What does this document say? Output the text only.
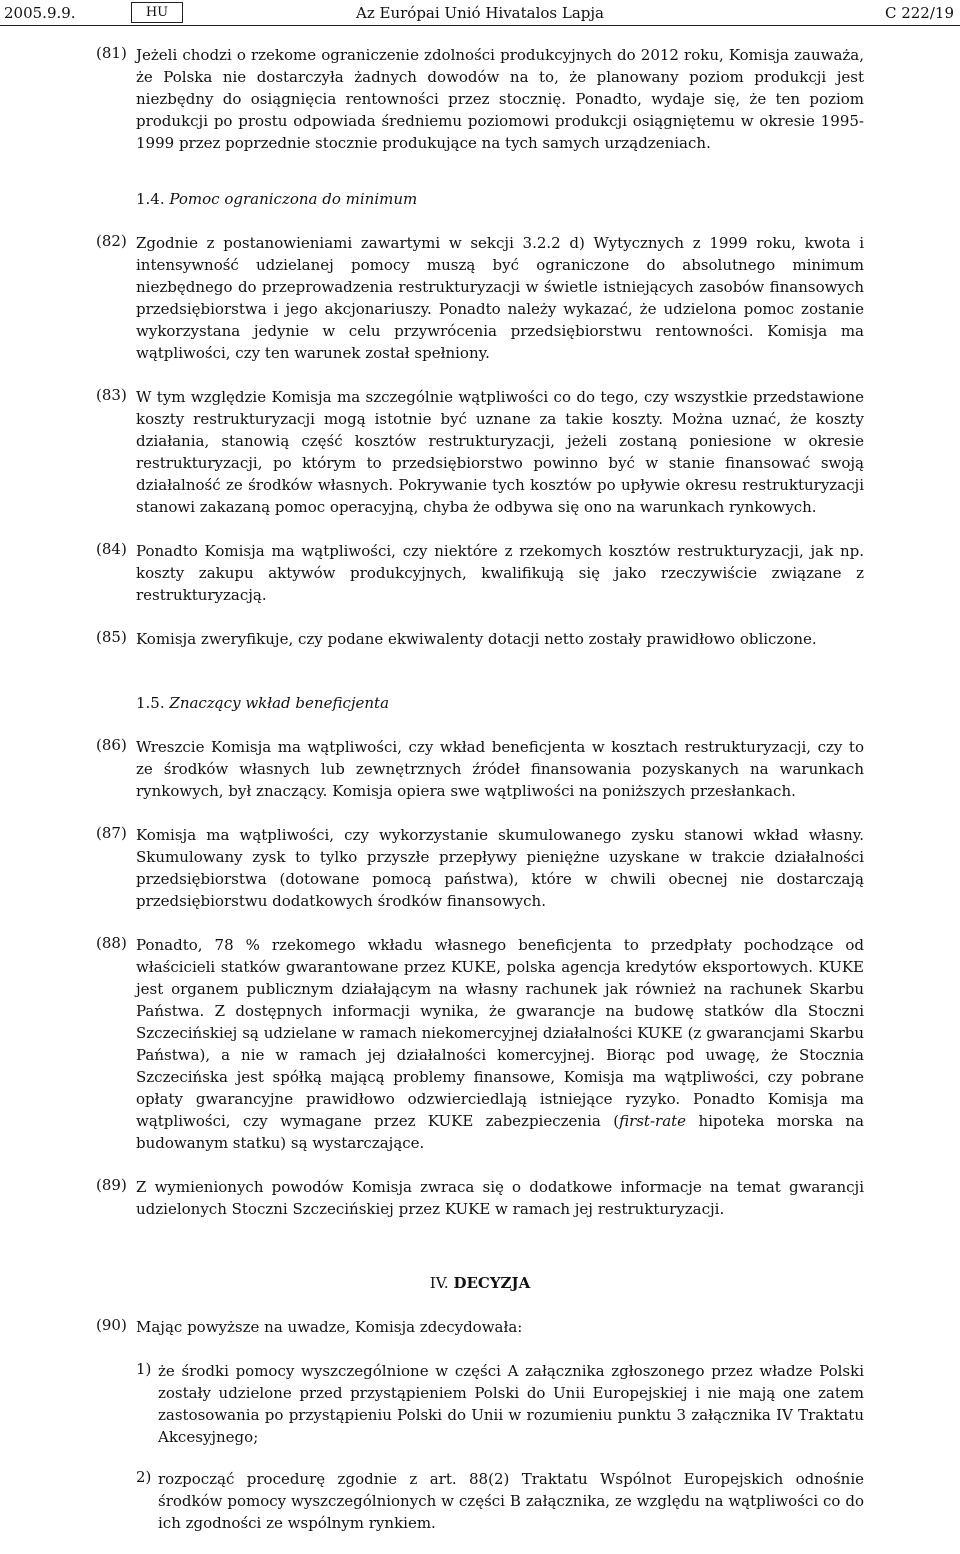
2005.9.9.	HU	Az Európai Unió Hivatalos Lapja	C 222/19
(81) Jeżeli chodzi o rzekome ograniczenie zdolności produkcyjnych do 2012 roku, Komisja zauważa, że Polska nie dostarczyła żadnych dowodów na to, że planowany poziom produkcji jest niezbędny do osiągnięcia rentowności przez stocznię. Ponadto, wydaje się, że ten poziom produkcji po prostu odpowiada średniemu poziomowi produkcji osiągniętemu w okresie 1995-1999 przez poprzednie stocznie produkujące na tych samych urządzeniach.
1.4. Pomoc ograniczona do minimum
(82) Zgodnie z postanowieniami zawartymi w sekcji 3.2.2 d) Wytycznych z 1999 roku, kwota i intensywność udzielanej pomocy muszą być ograniczone do absolutnego minimum niezbędnego do przeprowadzenia restrukturyzacji w świetle istniejących zasobów finansowych przedsiębiorstwa i jego akcjonariuszy. Ponadto należy wykazać, że udzielona pomoc zostanie wykorzystana jedynie w celu przywrócenia przedsiębiorstwu rentowności. Komisja ma wątpliwości, czy ten warunek został spełniony.
(83) W tym względzie Komisja ma szczególnie wątpliwości co do tego, czy wszystkie przedstawione koszty restrukturyzacji mogą istotnie być uznane za takie koszty. Można uznać, że koszty działania, stanowią część kosztów restrukturyzacji, jeżeli zostaną poniesione w okresie restrukturyzacji, po którym to przedsiębiorstwo powinno być w stanie finansować swoją działalność ze środków własnych. Pokrywanie tych kosztów po upływie okresu restrukturyzacji stanowi zakazaną pomoc operacyjną, chyba że odbywa się ono na warunkach rynkowych.
(84) Ponadto Komisja ma wątpliwości, czy niektóre z rzekomych kosztów restrukturyzacji, jak np. koszty zakupu aktywów produkcyjnych, kwalifikują się jako rzeczywiście związane z restrukturyzacją.
(85) Komisja zweryfikuje, czy podane ekwiwalenty dotacji netto zostały prawidłowo obliczone.
1.5. Znaczący wkład beneficjenta
(86) Wreszcie Komisja ma wątpliwości, czy wkład beneficjenta w kosztach restrukturyzacji, czy to ze środków własnych lub zewnętrznych źródeł finansowania pozyskanych na warunkach rynkowych, był znaczący. Komisja opiera swe wątpliwości na poniższych przesłankach.
(87) Komisja ma wątpliwości, czy wykorzystanie skumulowanego zysku stanowi wkład własny. Skumulowany zysk to tylko przyszłe przepływy pieniężne uzyskane w trakcie działalności przedsiębiorstwa (dotowane pomocą państwa), które w chwili obecnej nie dostarczają przedsiębiorstwu dodatkowych środków finansowych.
(88) Ponadto, 78 % rzekomego wkładu własnego beneficjenta to przedpłaty pochodzące od właścicieli statków gwarantowane przez KUKE, polska agencja kredytów eksportowych. KUKE jest organem publicznym działającym na własny rachunek jak również na rachunek Skarbu Państwa. Z dostępnych informacji wynika, że gwarancje na budowę statków dla Stoczni Szczecińskiej są udzielane w ramach niekomercyjnej działalności KUKE (z gwarancjami Skarbu Państwa), a nie w ramach jej działalności komercyjnej. Biorąc pod uwagę, że Stocznia Szczecińska jest spółką mającą problemy finansowe, Komisja ma wątpliwości, czy pobrane opłaty gwarancyjne prawidłowo odzwierciedlają istniejące ryzyko. Ponadto Komisja ma wątpliwości, czy wymagane przez KUKE zabezpieczenia (first-rate hipoteka morska na budowanym statku) są wystarczające.
(89) Z wymienionych powodów Komisja zwraca się o dodatkowe informacje na temat gwarancji udzielonych Stoczni Szczecińskiej przez KUKE w ramach jej restrukturyzacji.
IV. DECYZJA
(90) Mając powyższe na uwadze, Komisja zdecydowała:
1) że środki pomocy wyszczególnione w części A załącznika zgłoszonego przez władze Polski zostały udzielone przed przystąpieniem Polski do Unii Europejskiej i nie mają one zatem zastosowania po przystąpieniu Polski do Unii w rozumieniu punktu 3 załącznika IV Traktatu Akcesyjnego;
2) rozpocząć procedurę zgodnie z art. 88(2) Traktatu Wspólnot Europejskich odnośnie środków pomocy wyszczególnionych w części B załącznika, ze względu na wątpliwości co do ich zgodności ze wspólnym rynkiem.
